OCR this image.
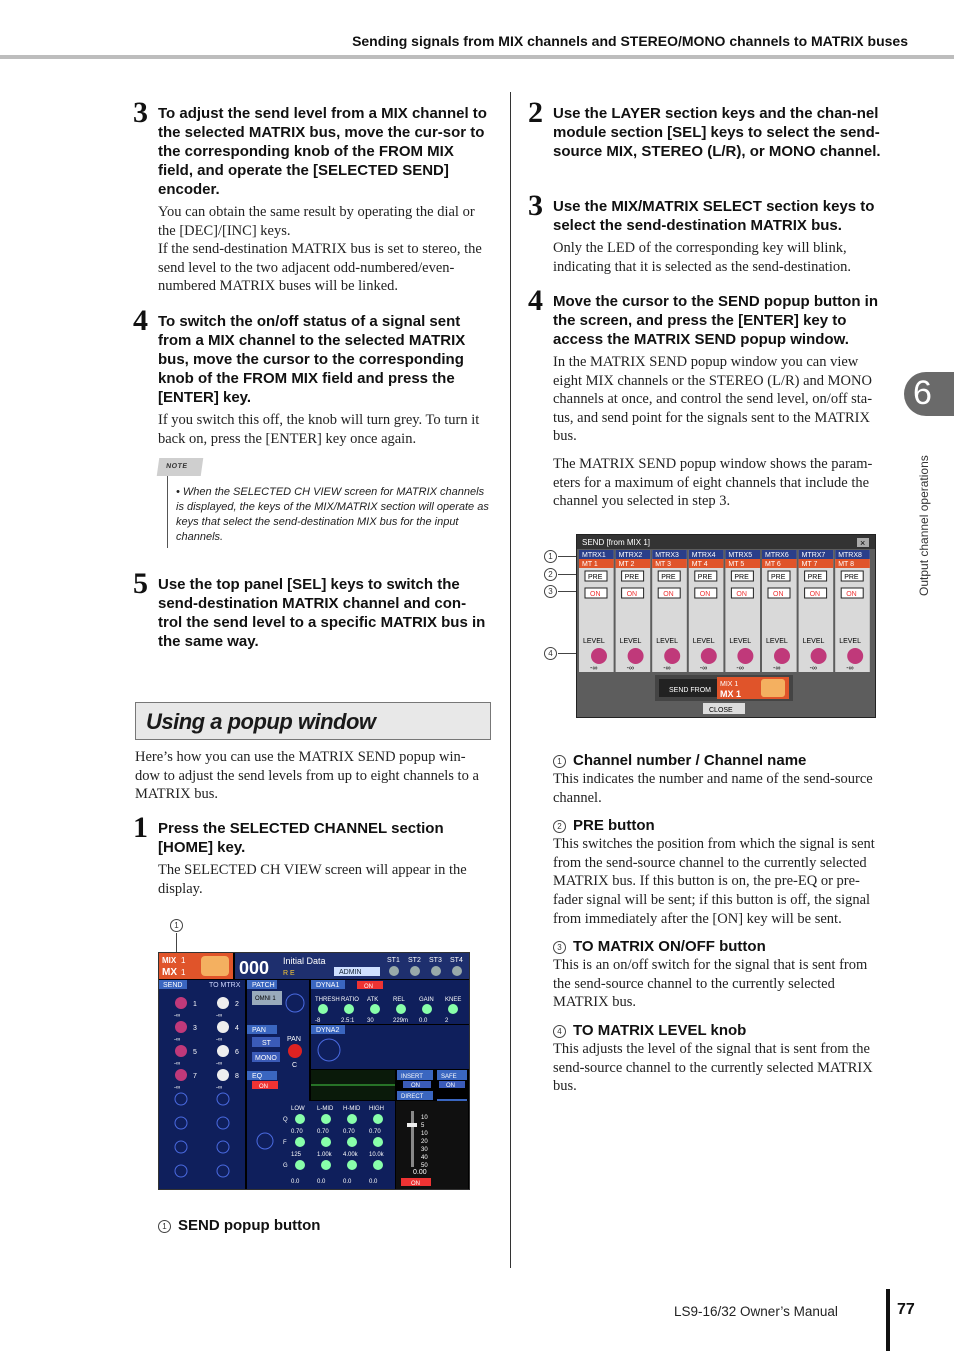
Sending signals from MIX channels and STEREO/MONO channels to MATRIX buses
3 To adjust the send level from a MIX channel to the selected MATRIX bus, move the cur-sor to the corresponding knob of the FROM MIX field, and operate the [SELECTED SEND] encoder.
You can obtain the same result by operating the dial or the [DEC]/[INC] keys.
If the send-destination MATRIX bus is set to stereo, the send level to the two adjacent odd-numbered/even-numbered MATRIX buses will be linked.
4 To switch the on/off status of a signal sent from a MIX channel to the selected MATRIX bus, move the cursor to the corresponding knob of the FROM MIX field and press the [ENTER] key.
If you switch this off, the knob will turn grey. To turn it back on, press the [ENTER] key once again.
NOTE
• When the SELECTED CH VIEW screen for MATRIX channels is displayed, the keys of the MIX/MATRIX section will operate as keys that select the send-destination MIX bus for the input channels.
5 Use the top panel [SEL] keys to switch the send-destination MATRIX channel and con-trol the send level to a specific MATRIX bus in the same way.
Using a popup window
Here’s how you can use the MATRIX SEND popup win-dow to adjust the send levels from up to eight channels to a MATRIX bus.
1 Press the SELECTED CHANNEL section [HOME] key.
The SELECTED CH VIEW screen will appear in the display.
1
MIX 1
MX 1	000 Initial Data
R E	ADMIN
ST1 ST2 ST3 ST4
SEND	TO MTRX
1
-∞
2
-∞
3
-∞
4
-∞
5
-∞
6
-∞
7
-∞
8
-∞
PATCH
OMNI 1
PAN
ST
MONO
PAN
C
EQ
ON
DYNA1	ON
THRESH
-8
RATIO
2.5:1
ATK
30
REL
229m
GAIN
0.0
KNEE
2
DYNA2
INSERT	SAFE
ON	ON
DIRECT
Q
F
G
LOW
0.70
125
0.0
L-MID
0.70
1.00k
0.0
H-MID
0.70
4.00k
0.0
HIGH
0.70
10.0k
0.0
10
5
10
20
30
40
50
0.00
ON
1 SEND popup button
2 Use the LAYER section keys and the chan-nel module section [SEL] keys to select the send-source MIX, STEREO (L/R), or MONO channel.
3 Use the MIX/MATRIX SELECT section keys to select the send-destination MATRIX bus.
Only the LED of the corresponding key will blink, indicating that it is selected as the send-destination.
4 Move the cursor to the SEND popup button in the screen, and press the [ENTER] key to access the MATRIX SEND popup window.
In the MATRIX SEND popup window you can view eight MIX channels or the STEREO (L/R) and MONO channels at once, and control the send level, on/off sta-tus, and send point for the signals sent to the MATRIX bus.
The MATRIX SEND popup window shows the param-eters for a maximum of eight channels that include the channel you selected in step 3.
1
2
3
4
SEND [from MIX 1]	×
MTRX1
MT 1
PRE
ON
LEVEL
-∞
MTRX2
MT 2
PRE
ON
LEVEL
-∞
MTRX3
MT 3
PRE
ON
LEVEL
-∞
MTRX4
MT 4
PRE
ON
LEVEL
-∞
MTRX5
MT 5
PRE
ON
LEVEL
-∞
MTRX6
MT 6
PRE
ON
LEVEL
-∞
MTRX7
MT 7
PRE
ON
LEVEL
-∞
MTRX8
MT 8
PRE
ON
LEVEL
-∞
SEND FROM
MIX 1
MX 1
CLOSE
1 Channel number / Channel name
This indicates the number and name of the send-source channel.
2 PRE button
This switches the position from which the signal is sent from the send-source channel to the currently selected MATRIX bus. If this button is on, the pre-EQ or pre-fader signal will be sent; if this button is off, the signal from immediately after the [ON] key will be sent.
3 TO MATRIX ON/OFF button
This is an on/off switch for the signal that is sent from the send-source channel to the currently selected MATRIX bus.
4 TO MATRIX LEVEL knob
This adjusts the level of the signal that is sent from the send-source channel to the currently selected MATRIX bus.
6
Output channel operations
LS9-16/32 Owner’s Manual	77
